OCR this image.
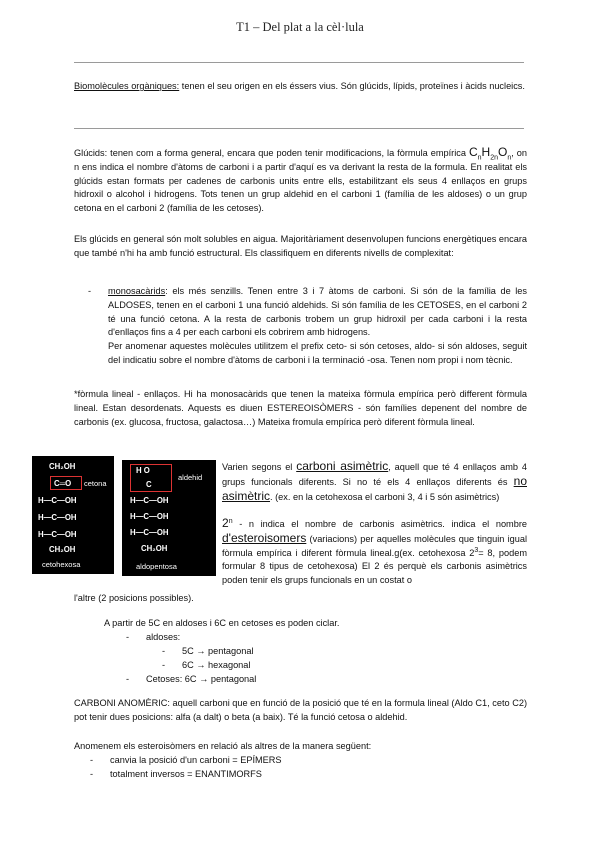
T1 – Del plat a la cèl·lula

Biomolècules orgàniques: tenen el seu origen en els éssers vius. Són glúcids, lípids, proteïnes i àcids nucleics.

Glúcids: tenen com a forma general, encara que poden tenir modificacions, la fòrmula empírica $C_nH_{2n}O_n$, on n ens indica el nombre d'àtoms de carboni i a partir d'aquí es va derivant la resta de la formula. En realitat els glúcids estan formats per cadenes de carbonis units entre ells, estabilitzant els seus 4 enllaços en grups hidroxil o alcohol i hidrogens. Tots tenen un grup aldehid en el carboni 1 (família de les aldoses) o un grup cetona en el carboni 2 (família de les cetoses).

Els glúcids en general són molt solubles en aigua. Majoritàriament desenvolupen funcions energètiques encara que també n'hi ha amb funció estructural. Els classifiquem en diferents nivells de complexitat:

- monosacàrids: els més senzills. Tenen entre 3 i 7 àtoms de carboni. Si són de la família de les ALDOSES, tenen en el carboni 1 una funció aldehids. Si són família de les CETOSES, en el carboni 2 té una funció cetona. A la resta de carbonis trobem un grup hidroxil per cada carboni i la resta d'enllaços fins a 4 per each carboni els cobrirem amb hidrogens.

Per anomenar aquestes molècules utilitzem el prefix ceto- si són cetoses, aldo- si són aldoses, seguit del indicatiu sobre el nombre d'àtoms de carboni i la terminació -osa. Tenen nom propi i nom tècnic.

*fòrmula lineal - enllaços. Hi ha monosacàrids que tenen la mateixa fòrmula empírica però different fòrmula lineal. Estan desordenats. Aquests es diuen ESTEREOISÒMERS - són famílies depenent del nombre de carbonis (ex. glucosa, fructosa, galactosa…) Mateixa fromula empírica però diferent fòrmula lineal.

CH₂OH
C═O cetona
H—C—OH
H—C—OH
H—C—OH
CH₂OH
cetohexosa
H O
C
aldehid
H—C—OH
H—C—OH
H—C—OH
CH₂OH
aldopentosa

Varien segons el carboni asimètric, aquell que té 4 enllaços amb 4 grups funcionals diferents. Si no té els 4 enllaços diferents és no asimètric. (ex. en la cetohexosa el carboni 3, 4 i 5 són asimètrics)

2$^n$ - n indica el nombre de carbonis asimètrics. indica el nombre d'esteroisomers (variacions) per aquelles molècules que tinguin igual fòrmula empírica i diferent fòrmula lineal.g(ex. cetohexosa $2^3= 8$, podem formular 8 tipus de cetohexosa) El 2 és perquè els carbonis asimètrics poden tenir els grups funcionals en un costat o

l'altre (2 posicions possibles).

A partir de 5C en aldoses i 6C en cetoses es poden ciclar.
- aldoses:
- 5C → pentagonal
- 6C → hexagonal
- Cetoses: 6C → pentagonal

CARBONI ANOMÈRIC: aquell carboni que en funció de la posició que té en la formula lineal (Aldo C1, ceto C2) pot tenir dues posicions: alfa (a dalt) o beta (a baix). Té la funció cetosa o aldehid.

Anomenem els esteroisòmers en relació als altres de la manera següent:
- canvia la posició d'un carboni = EPÍMERS
- totalment inversos = ENANTIMORFS
